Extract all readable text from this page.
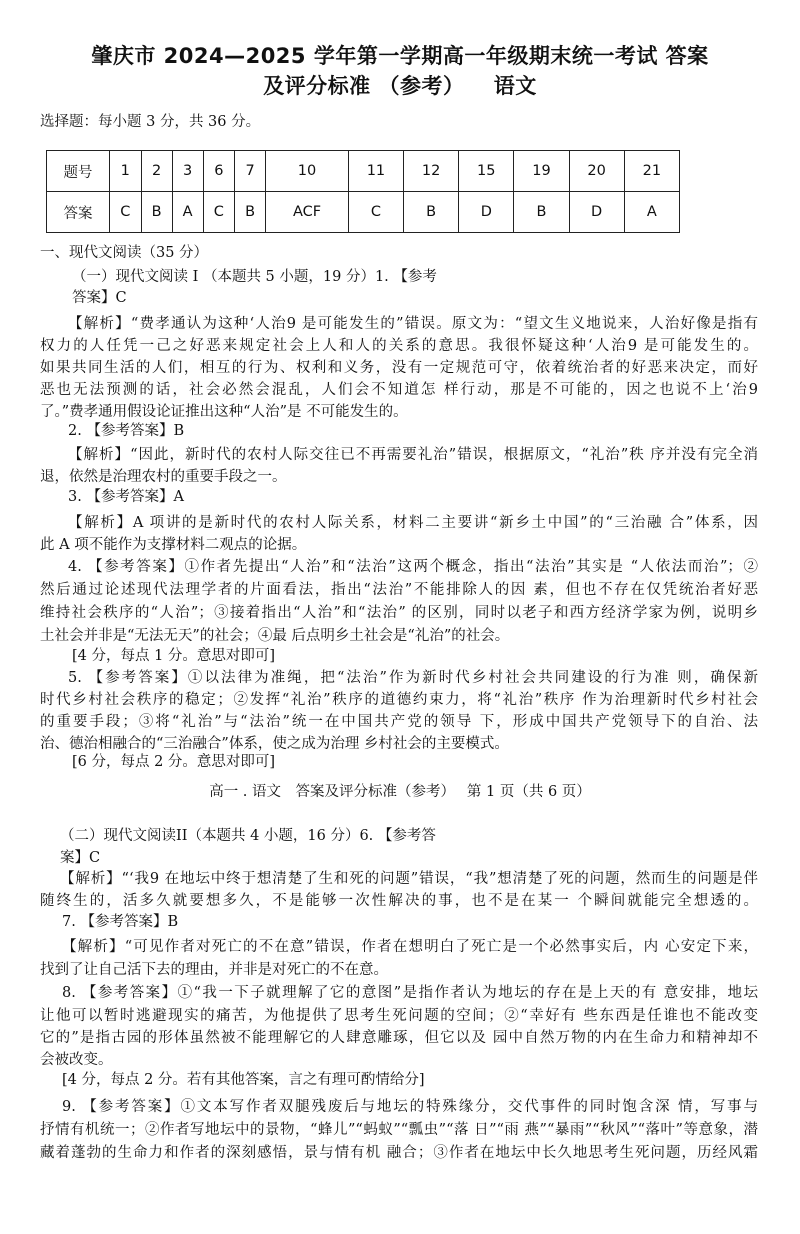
肇庆市 2024—2025 学年第一学期高一年级期末统一考试 答案
及评分标准 （参考） 　语文
选择题：每小题 3 分，共 36 分。
题号	1	2	3	6	7	10	11	12	15	19	20	21
答案	C	B	A	C	B	ACF	C	B	D	B	D	A
一、现代文阅读（35 分）
（一）现代文阅读 I （本题共 5 小题，19 分）1. 【参考
答案】C
【解析】“费孝通认为这种‘人治9 是可能发生的”错误。原文为：“望文生义地说来，人治好像是指有
权力的人任凭一己之好恶来规定社会上人和人的关系的意思。我很怀疑这种‘人治9 是可能发生的。
如果共同生活的人们，相互的行为、权利和义务，没有一定规范可守，依着统治者的好恶来决定，而好
恶也无法预测的话，社会必然会混乱，人们会不知道怎 样行动，那是不可能的，因之也说不上‘治9
了。”费孝通用假设论证推出这种“人治”是 不可能发生的。
2. 【参考答案】B
【解析】“因此，新时代的农村人际交往已不再需要礼治”错误，根据原文，“礼治”秩 序并没有完全消
退，依然是治理农村的重要手段之一。
3. 【参考答案】A
【解析】A 项讲的是新时代的农村人际关系，材料二主要讲“新乡土中国”的“三治融 合”体系，因
此 A 项不能作为支撑材料二观点的论据。
4. 【参考答案】①作者先提出“人治”和“法治”这两个概念，指出“法治”其实是 “人依法而治”；②
然后通过论述现代法理学者的片面看法，指出“法治”不能排除人的因 素，但也不存在仅凭统治者好恶
维持社会秩序的“人治”；③接着指出“人治”和“法治” 的区别，同时以老子和西方经济学家为例，说明乡
土社会并非是“无法无天”的社会；④最 后点明乡土社会是“礼治”的社会。
[4 分，每点 1 分。意思对即可]
5. 【参考答案】①以法律为准绳，把“法治”作为新时代乡村社会共同建设的行为准 则，确保新
时代乡村社会秩序的稳定；②发挥“礼治”秩序的道德约束力，将“礼治”秩序 作为治理新时代乡村社会
的重要手段；③将“礼治”与“法治”统一在中国共产党的领导 下，形成中国共产党领导下的自治、法
治、德治相融合的“三治融合”体系，使之成为治理 乡村社会的主要模式。
[6 分，每点 2 分。意思对即可]
高一 . 语文　答案及评分标准（参考）　 第 1 页（共 6 页）
（二）现代文阅读II（本题共 4 小题，16 分）6. 【参考答
案】C
【解析】“‘我9 在地坛中终于想清楚了生和死的问题”错误，“我”想清楚了死的问题，然而生的问题是伴
随终生的，活多久就要想多久，不是能够一次性解决的事，也不是在某一 个瞬间就能完全想透的。
7. 【参考答案】B
【解析】“可见作者对死亡的不在意”错误，作者在想明白了死亡是一个必然事实后，内 心安定下来，
找到了让自己活下去的理由，并非是对死亡的不在意。
8. 【参考答案】①“我一下子就理解了它的意图”是指作者认为地坛的存在是上天的有 意安排，地坛
让他可以暂时逃避现实的痛苦，为他提供了思考生死问题的空间；②“幸好有 些东西是任谁也不能改变
它的”是指古园的形体虽然被不能理解它的人肆意雕琢，但它以及 园中自然万物的内在生命力和精神却不
会被改变。
[4 分，每点 2 分。若有其他答案，言之有理可酌情给分]
9. 【参考答案】①文本写作者双腿残废后与地坛的特殊缘分，交代事件的同时饱含深 情，写事与
抒情有机统一；②作者写地坛中的景物，“蜂儿”“蚂蚁”“瓢虫”“落 日”“雨 燕”“暴雨”“秋风”“落叶”等意象，潜
藏着蓬勃的生命力和作者的深刻感悟，景与情有机 融合；③作者在地坛中长久地思考生死问题，历经风霜
